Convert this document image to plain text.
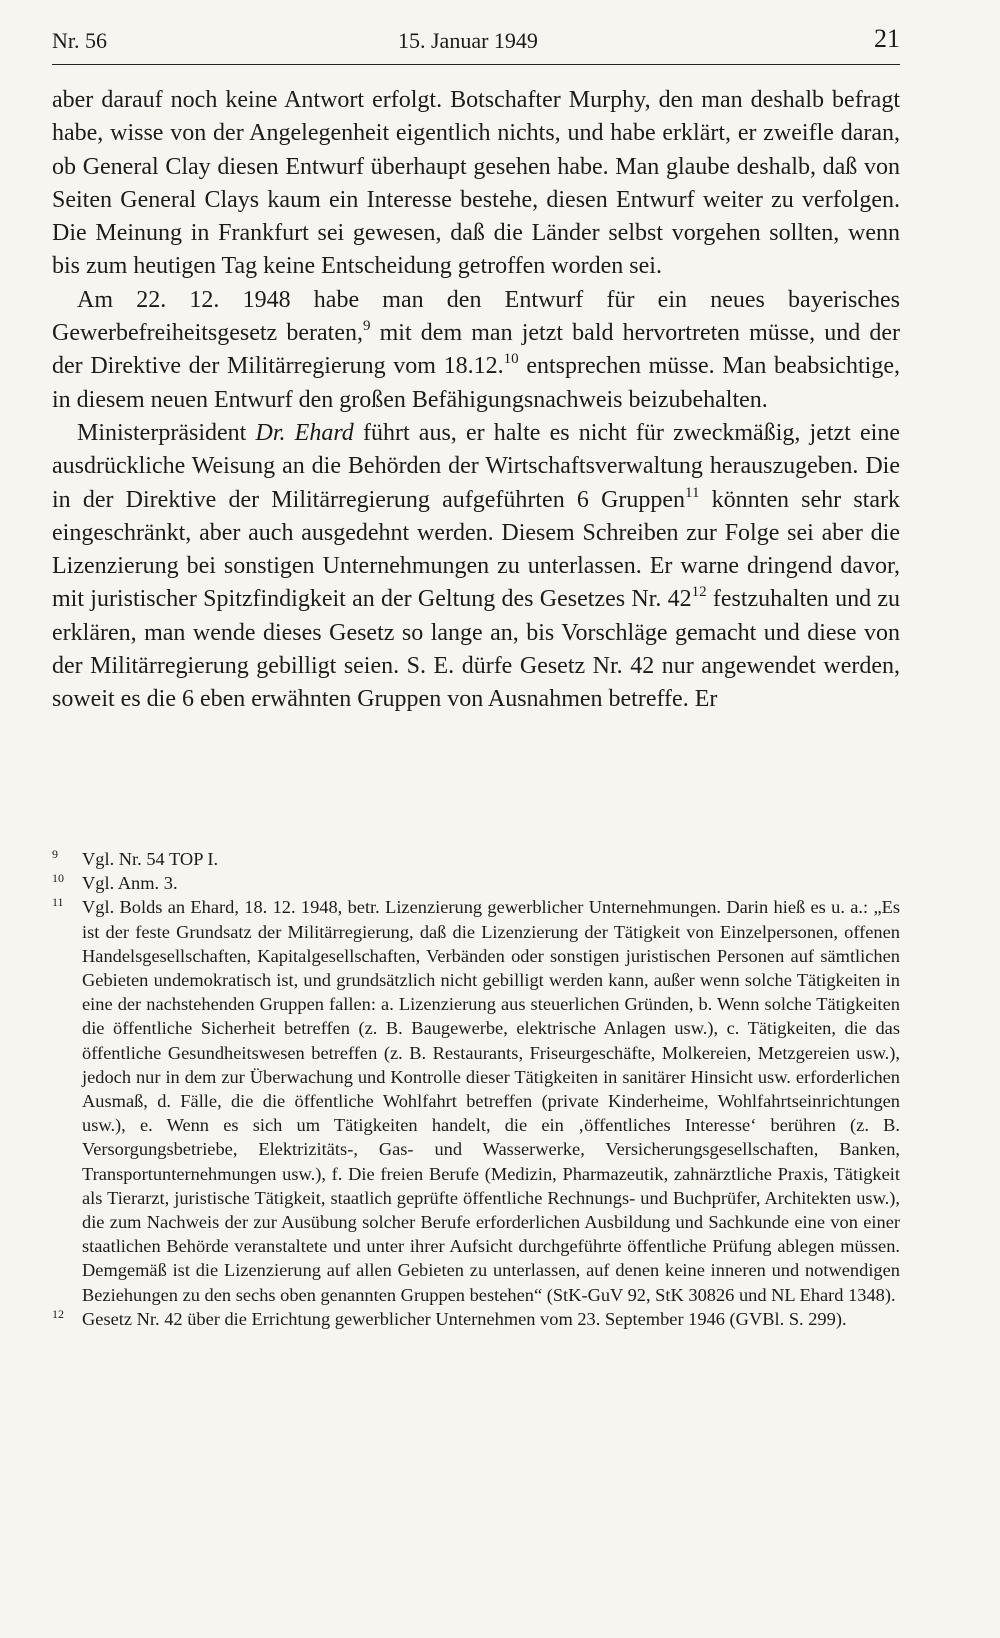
Nr. 56	15. Januar 1949	21

aber darauf noch keine Antwort erfolgt. Botschafter Murphy, den man deshalb befragt habe, wisse von der Angelegenheit eigentlich nichts, und habe erklärt, er zweifle daran, ob General Clay diesen Entwurf überhaupt gesehen habe. Man glaube deshalb, daß von Seiten General Clays kaum ein Interesse bestehe, diesen Entwurf weiter zu verfolgen. Die Meinung in Frankfurt sei gewesen, daß die Länder selbst vorgehen sollten, wenn bis zum heutigen Tag keine Entscheidung getroffen worden sei.

Am 22. 12. 1948 habe man den Entwurf für ein neues bayerisches Gewerbefreiheitsgesetz beraten,$^9$ mit dem man jetzt bald hervortreten müsse, und der der Direktive der Militärregierung vom 18.12.10 entsprechen müsse. Man beabsichtige, in diesem neuen Entwurf den großen Befähigungsnachweis beizubehalten.

Ministerpräsident Dr. Ehard führt aus, er halte es nicht für zweckmäßig, jetzt eine ausdrückliche Weisung an die Behörden der Wirtschaftsverwaltung herauszugeben. Die in der Direktive der Militärregierung aufgeführten 6 Gruppen$^{11}$ könnten sehr stark eingeschränkt, aber auch ausgedehnt werden. Diesem Schreiben zur Folge sei aber die Lizenzierung bei sonstigen Unternehmungen zu unterlassen. Er warne dringend davor, mit juristischer Spitzfindigkeit an der Geltung des Gesetzes Nr. $42^{12}$ festzuhalten und zu erklären, man wende dieses Gesetz so lange an, bis Vorschläge gemacht und diese von der Militärregierung gebilligt seien. S. E. dürfe Gesetz Nr. 42 nur angewendet werden, soweit es die 6 eben erwähnten Gruppen von Ausnahmen betreffe. Er

9 Vgl. Nr. 54 TOP I.

10 Vgl. Anm. 3.

11 Vgl. Bolds an Ehard, 18. 12. 1948, betr. Lizenzierung gewerblicher Unternehmungen. Darin hieß es u. a.: „Es ist der feste Grundsatz der Militärregierung, daß die Lizenzierung der Tätigkeit von Einzelpersonen, offenen Handelsgesellschaften, Kapitalgesellschaften, Verbänden oder sonstigen juristischen Personen auf sämtlichen Gebieten undemokratisch ist, und grundsätzlich nicht gebilligt werden kann, außer wenn solche Tätigkeiten in eine der nachstehenden Gruppen fallen: a. Lizenzierung aus steuerlichen Gründen, b. Wenn solche Tätigkeiten die öffentliche Sicherheit betreffen (z. B. Baugewerbe, elektrische Anlagen usw.), c. Tätigkeiten, die das öffentliche Gesundheitswesen betreffen (z. B. Restaurants, Friseurgeschäfte, Molkereien, Metzgereien usw.), jedoch nur in dem zur Überwachung und Kontrolle dieser Tätigkeiten in sanitärer Hinsicht usw. erforderlichen Ausmaß, d. Fälle, die die öffentliche Wohlfahrt betreffen (private Kinderheime, Wohlfahrtseinrichtungen usw.), e. Wenn es sich um Tätigkeiten handelt, die ein ‚öffentliches Interesse‘ berühren (z. B. Versorgungsbetriebe, Elektrizitäts-, Gas- und Wasserwerke, Versicherungsgesellschaften, Banken, Transportunternehmungen usw.), f. Die freien Berufe (Medizin, Pharmazeutik, zahnärztliche Praxis, Tätigkeit als Tierarzt, juristische Tätigkeit, staatlich geprüfte öffentliche Rechnungs- und Buchprüfer, Architekten usw.), die zum Nachweis der zur Ausübung solcher Berufe erforderlichen Ausbildung und Sachkunde eine von einer staatlichen Behörde veranstaltete und unter ihrer Aufsicht durchgeführte öffentliche Prüfung ablegen müssen. Demgemäß ist die Lizenzierung auf allen Gebieten zu unterlassen, auf denen keine inneren und notwendigen Beziehungen zu den sechs oben genannten Gruppen bestehen“ (StK-GuV 92, StK 30826 und NL Ehard 1348).

12 Gesetz Nr. 42 über die Errichtung gewerblicher Unternehmen vom 23. September 1946 (GVBl. S. 299).
